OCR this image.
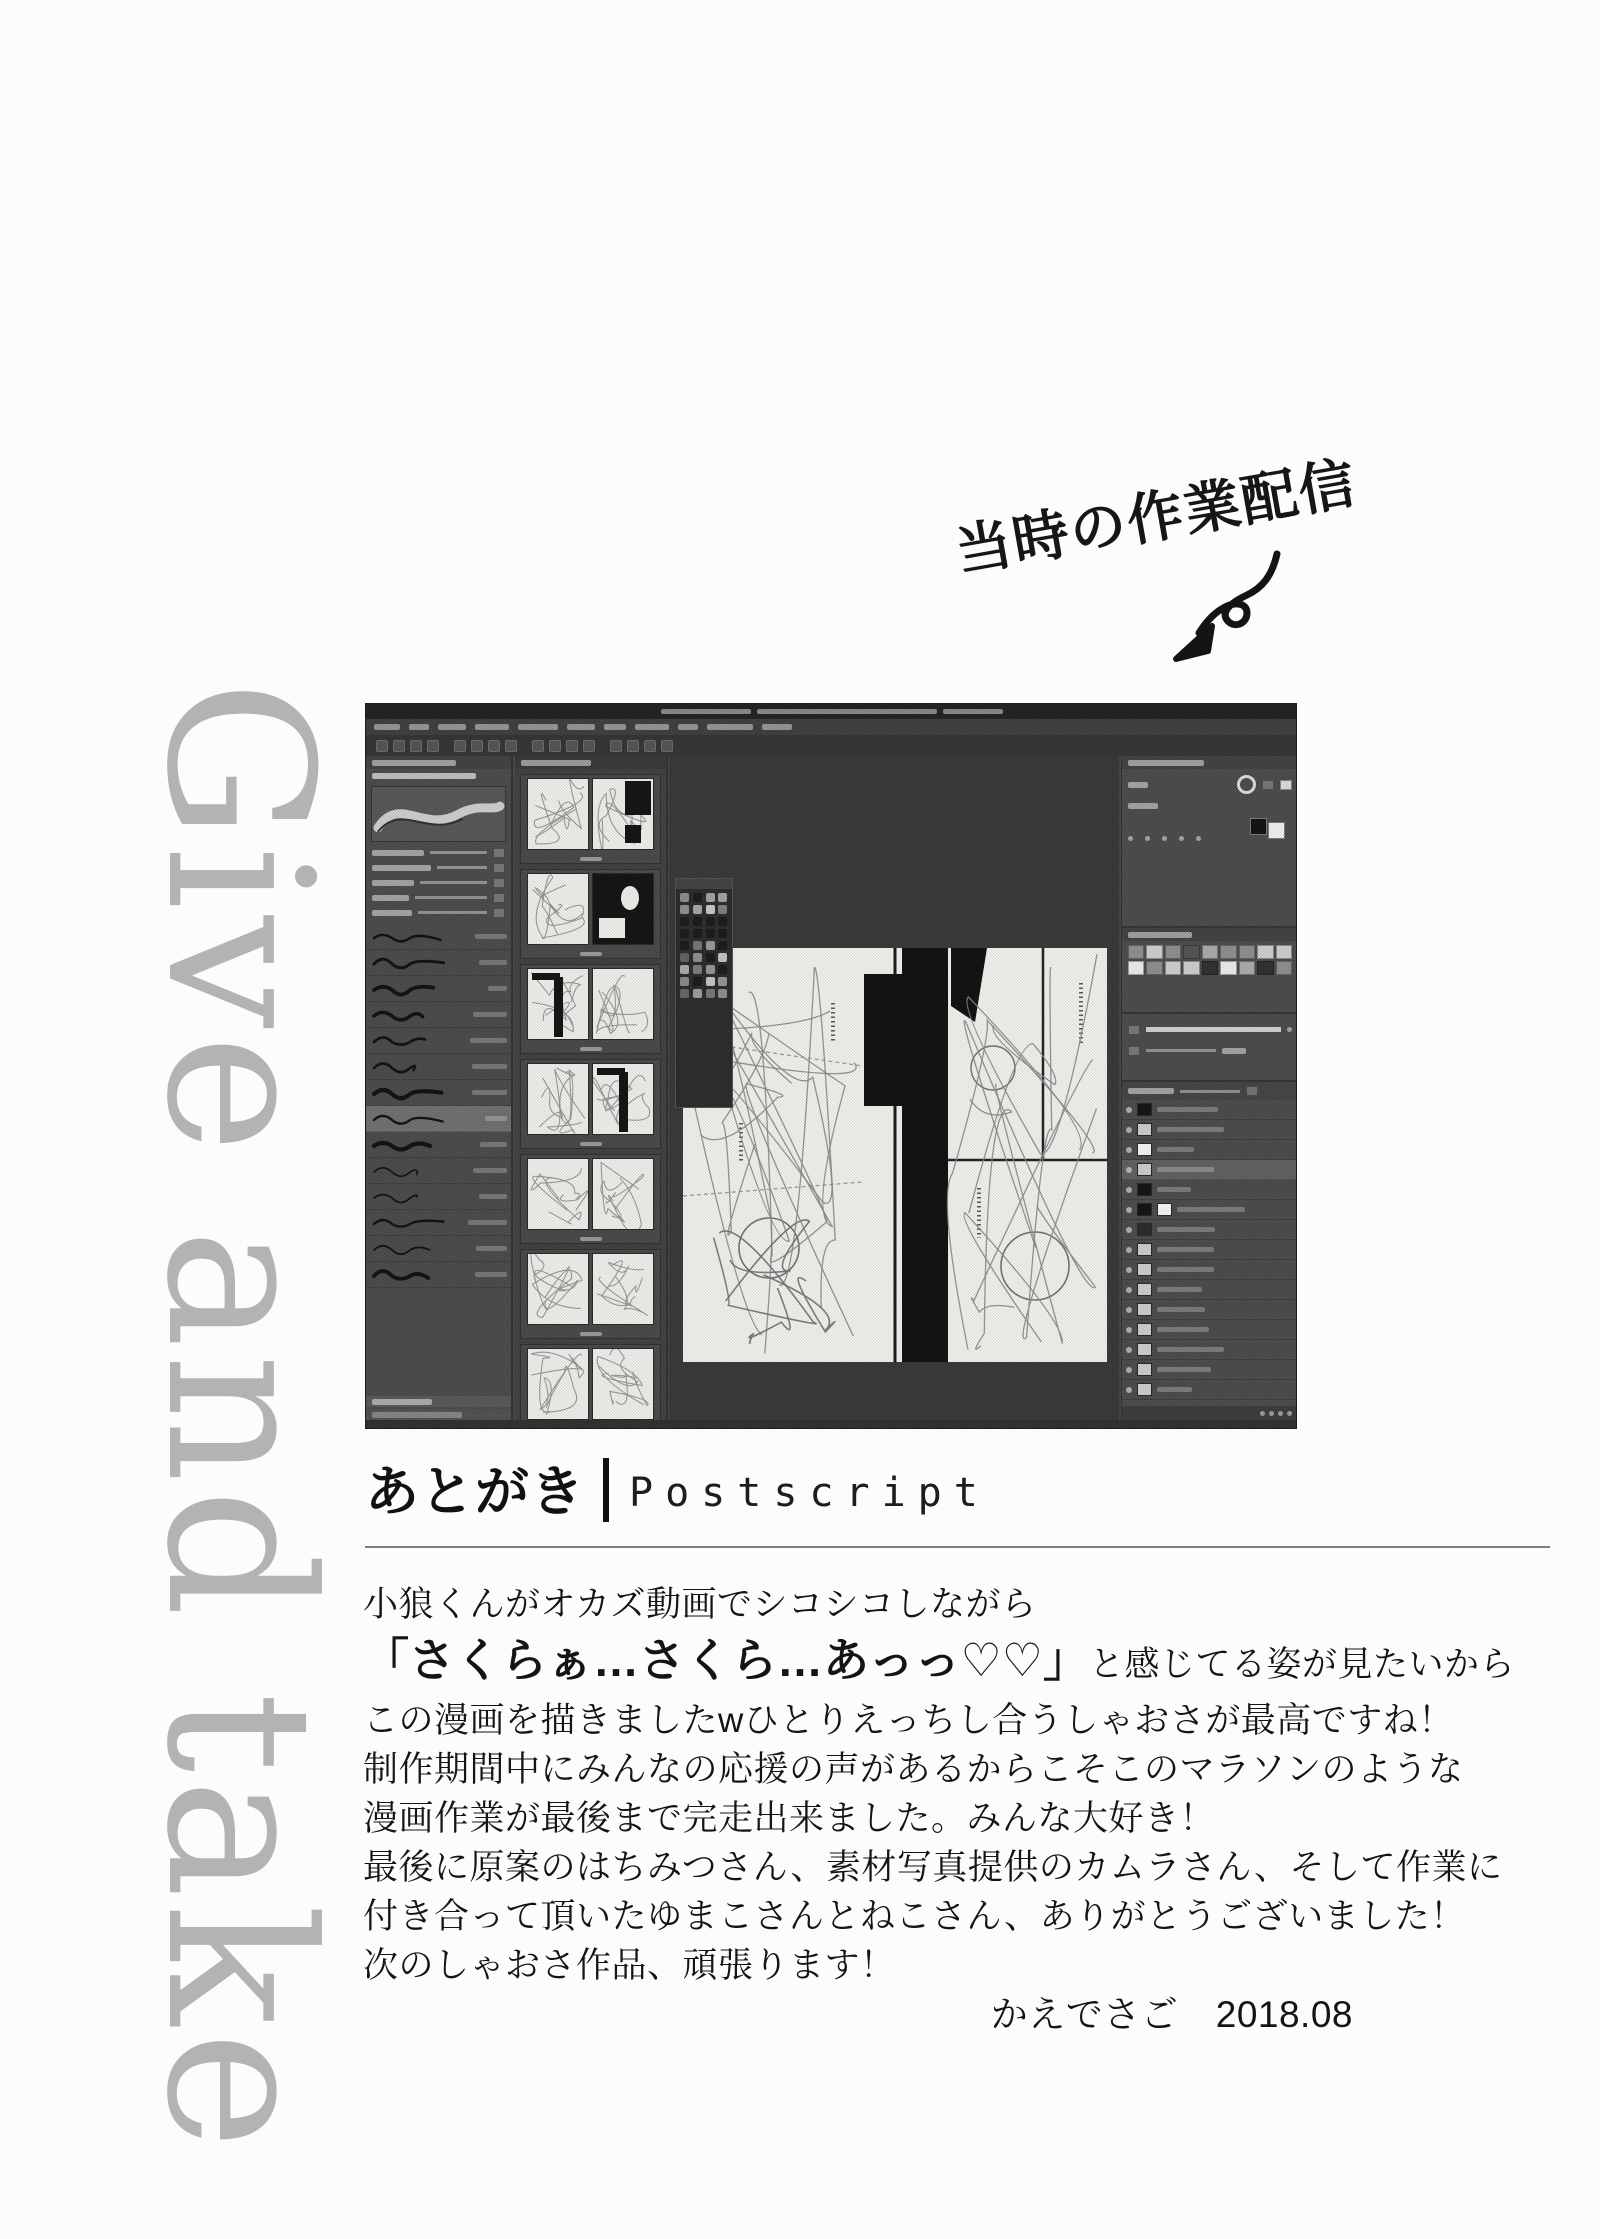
Give and take
当時の作業配信
あとがき Postscript

小狼くんがオカズ動画でシコシコしながら

「さくらぁ…さくら…あっっ♡♡」と感じてる姿が見たいから

この漫画を描きましたwひとりえっちし合うしゃおさが最高ですね！

制作期間中にみんなの応援の声があるからこそこのマラソンのような

漫画作業が最後まで完走出来ました。みんな大好き！

最後に原案のはちみつさん、素材写真提供のカムラさん、そして作業に

付き合って頂いたゆまこさんとねこさん、ありがとうございました！

次のしゃおさ作品、頑張ります！

かえでさご　2018.08
